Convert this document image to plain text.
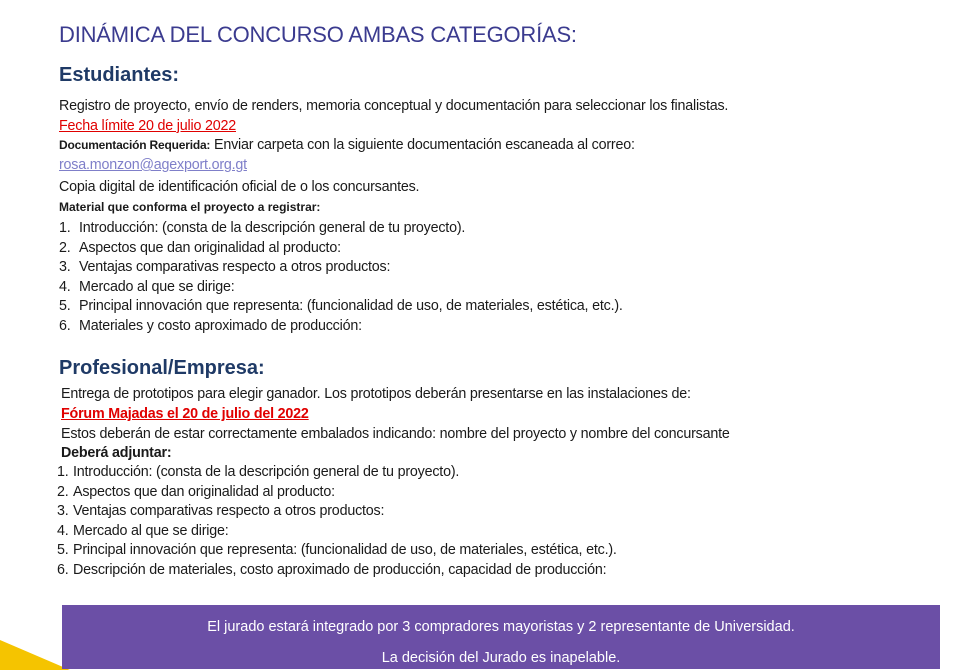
DINÁMICA DEL CONCURSO AMBAS CATEGORÍAS:
Estudiantes:
Registro de proyecto, envío de renders, memoria conceptual y documentación para seleccionar los finalistas.
Fecha límite 20 de julio 2022
Documentación Requerida: Enviar carpeta con la siguiente documentación escaneada al correo:
rosa.monzon@agexport.org.gt
Copia digital de identificación oficial de o los concursantes.
Material que conforma el proyecto a registrar:
1. Introducción: (consta de la descripción general de tu proyecto).
2. Aspectos que dan originalidad al producto:
3. Ventajas comparativas respecto a otros productos:
4. Mercado al que se dirige:
5. Principal innovación que representa: (funcionalidad de uso, de materiales, estética, etc.).
6. Materiales y costo aproximado de producción:
Profesional/Empresa:
Entrega de prototipos para elegir ganador. Los prototipos deberán presentarse en las instalaciones de:
Fórum Majadas el 20 de julio del 2022
Estos deberán de estar correctamente embalados indicando: nombre del proyecto y nombre del concursante
Deberá adjuntar:
1. Introducción: (consta de la descripción general de tu proyecto).
2. Aspectos que dan originalidad al producto:
3. Ventajas comparativas respecto a otros productos:
4. Mercado al que se dirige:
5. Principal innovación que representa: (funcionalidad de uso, de materiales, estética, etc.).
6. Descripción de materiales, costo aproximado de producción, capacidad de producción:
El jurado estará integrado por 3 compradores mayoristas y 2 representante de Universidad.
La decisión del Jurado es inapelable.
